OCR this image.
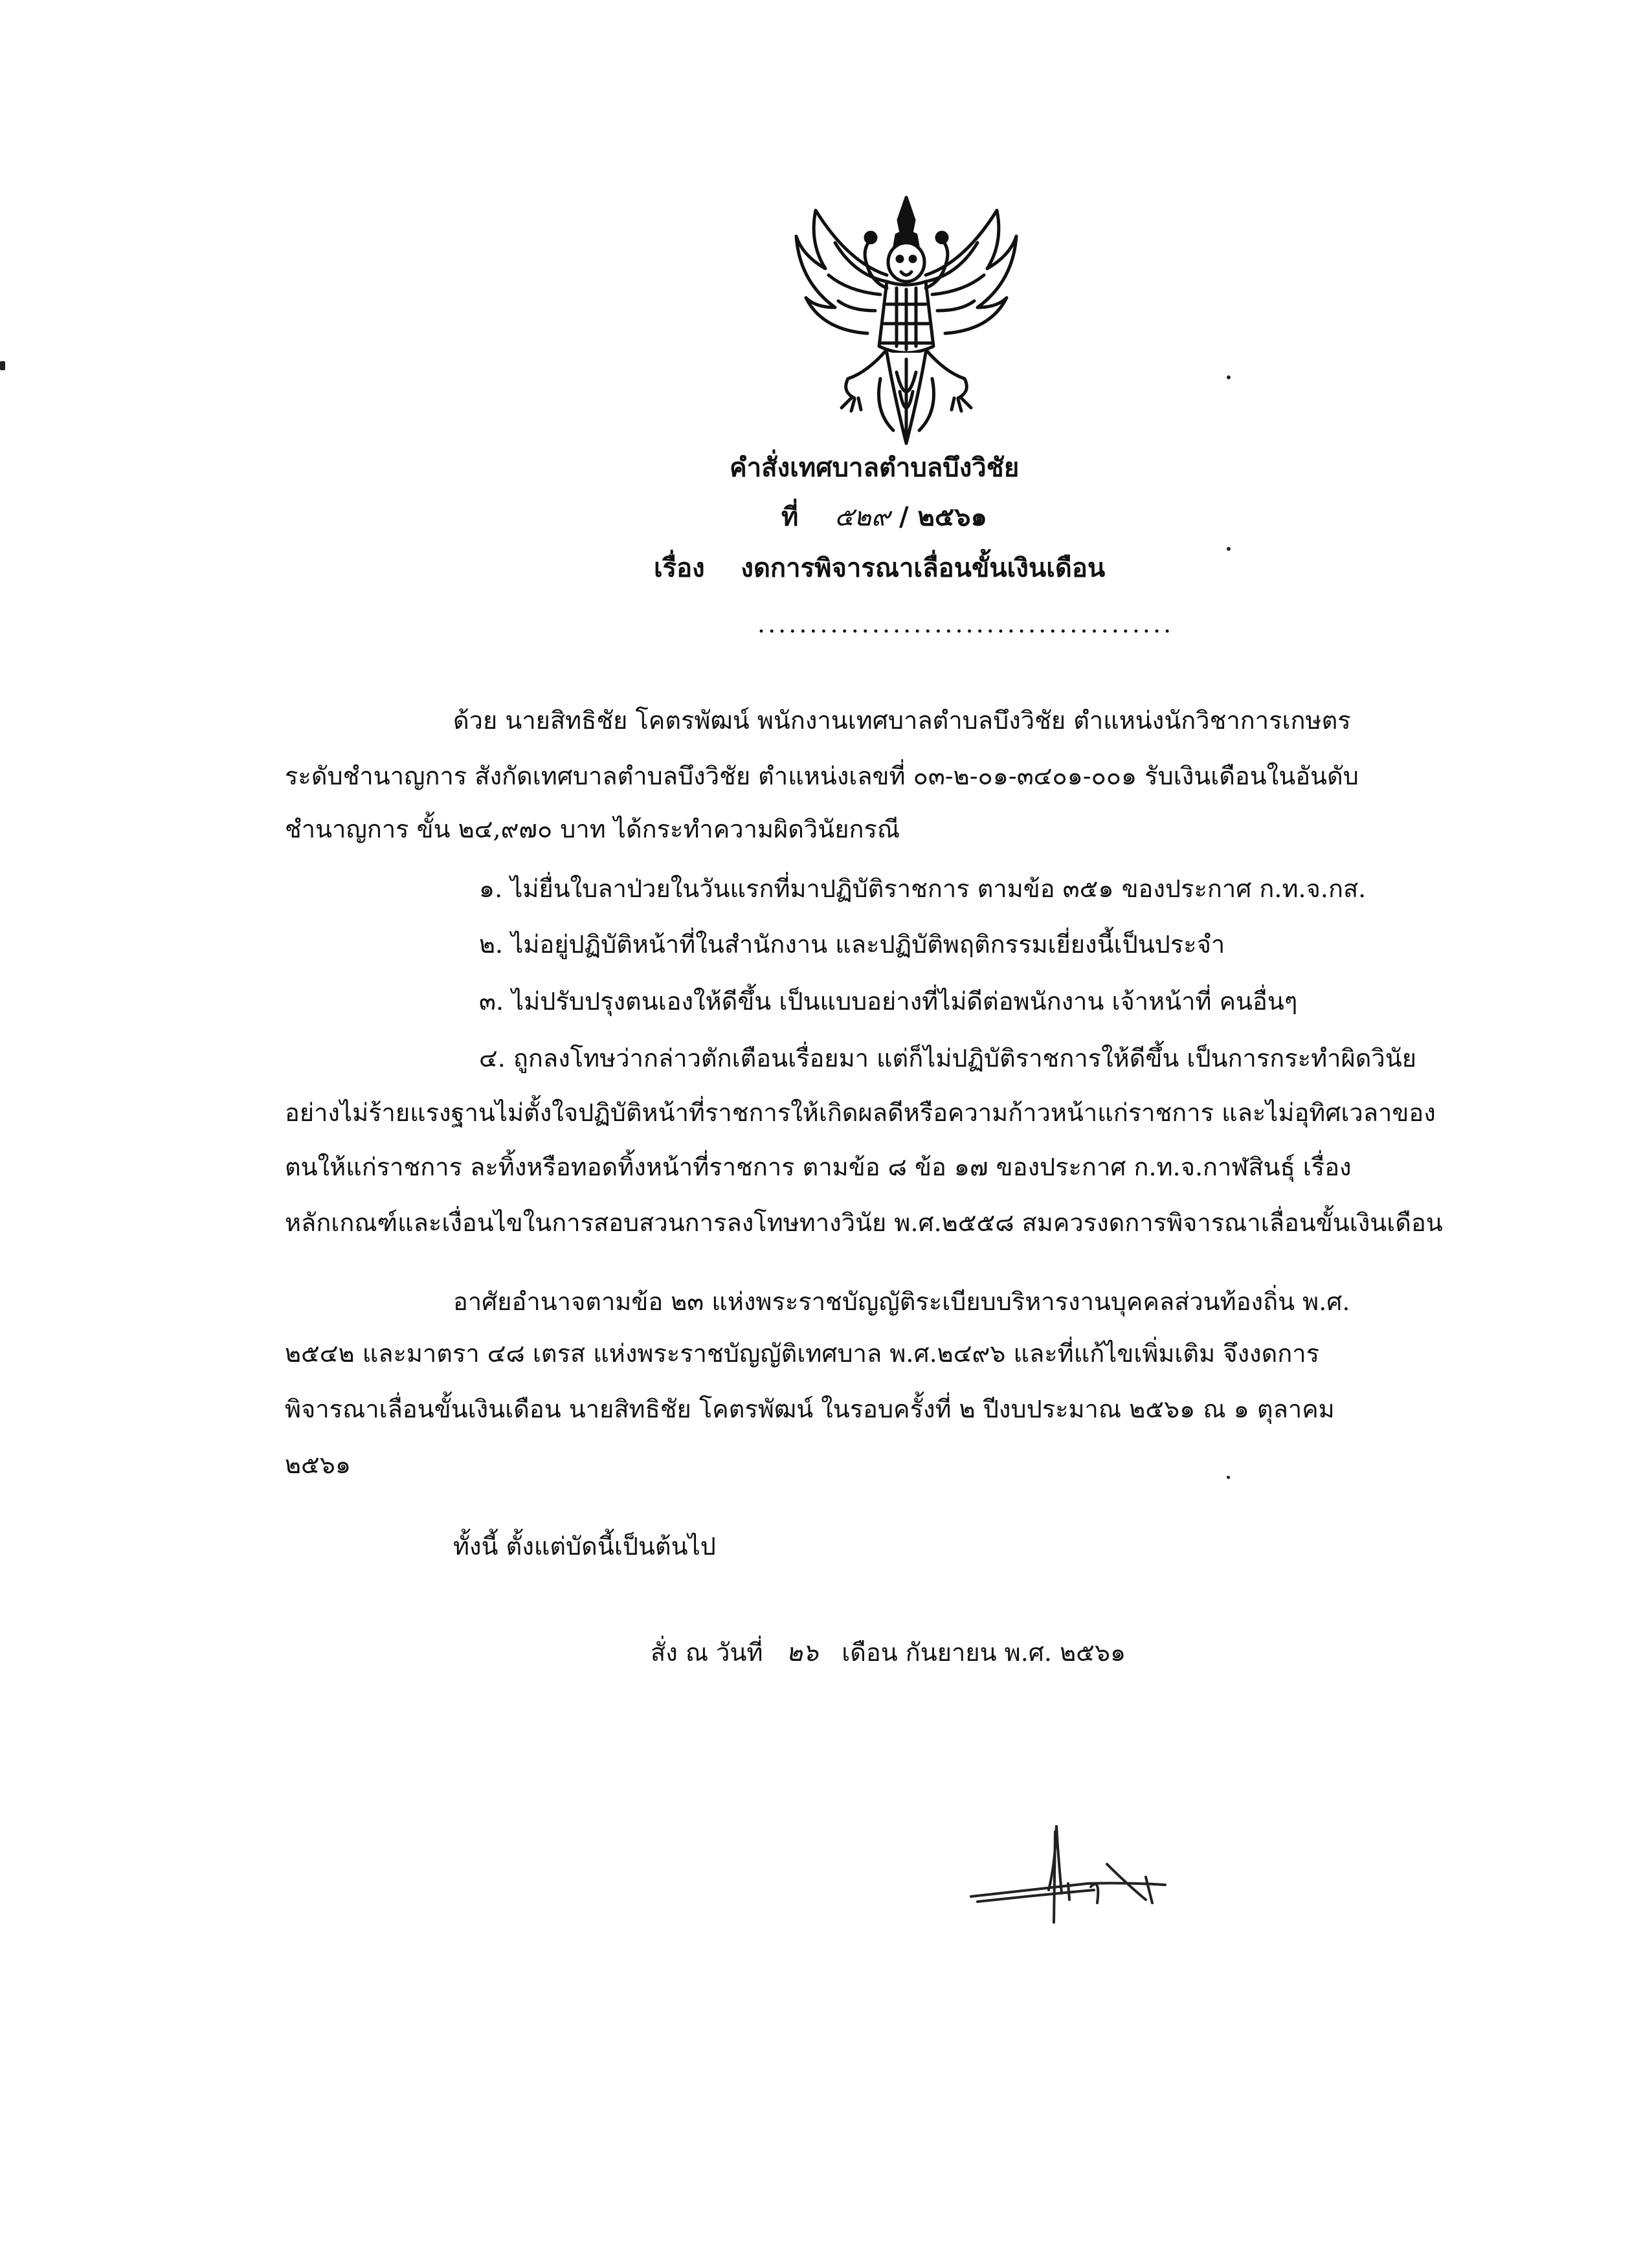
คำสั่งเทศบาลตำบลบึงวิชัย
ที่ ๕๒๙ / ๒๕๖๑
เรื่อง งดการพิจารณาเลื่อนขั้นเงินเดือน
........................................
ด้วย นายสิทธิชัย โคตรพัฒน์ พนักงานเทศบาลตำบลบึงวิชัย ตำแหน่งนักวิชาการเกษตร
ระดับชำนาญการ สังกัดเทศบาลตำบลบึงวิชัย ตำแหน่งเลขที่ ๐๓-๒-๐๑-๓๔๐๑-๐๐๑ รับเงินเดือนในอันดับ
ชำนาญการ ขั้น ๒๔,๙๗๐ บาท ได้กระทำความผิดวินัยกรณี
๑. ไม่ยื่นใบลาป่วยในวันแรกที่มาปฏิบัติราชการ ตามข้อ ๓๕๑ ของประกาศ ก.ท.จ.กส.
๒. ไม่อยู่ปฏิบัติหน้าที่ในสำนักงาน และปฏิบัติพฤติกรรมเยี่ยงนี้เป็นประจำ
๓. ไม่ปรับปรุงตนเองให้ดีขึ้น เป็นแบบอย่างที่ไม่ดีต่อพนักงาน เจ้าหน้าที่ คนอื่นๆ
๔. ถูกลงโทษว่ากล่าวตักเตือนเรื่อยมา แต่ก็ไม่ปฏิบัติราชการให้ดีขึ้น เป็นการกระทำผิดวินัย
อย่างไม่ร้ายแรงฐานไม่ตั้งใจปฏิบัติหน้าที่ราชการให้เกิดผลดีหรือความก้าวหน้าแก่ราชการ และไม่อุทิศเวลาของ
ตนให้แก่ราชการ ละทิ้งหรือทอดทิ้งหน้าที่ราชการ ตามข้อ ๘ ข้อ ๑๗ ของประกาศ ก.ท.จ.กาฬสินธุ์ เรื่อง
หลักเกณฑ์และเงื่อนไขในการสอบสวนการลงโทษทางวินัย พ.ศ.๒๕๕๘ สมควรงดการพิจารณาเลื่อนขั้นเงินเดือน
อาศัยอำนาจตามข้อ ๒๓ แห่งพระราชบัญญัติระเบียบบริหารงานบุคคลส่วนท้องถิ่น พ.ศ.
๒๕๔๒ และมาตรา ๔๘ เตรส แห่งพระราชบัญญัติเทศบาล พ.ศ.๒๔๙๖ และที่แก้ไขเพิ่มเติม จึงงดการ
พิจารณาเลื่อนขั้นเงินเดือน นายสิทธิชัย โคตรพัฒน์ ในรอบครั้งที่ ๒ ปีงบประมาณ ๒๕๖๑ ณ ๑ ตุลาคม
๒๕๖๑
ทั้งนี้ ตั้งแต่บัดนี้เป็นต้นไป
สั่ง ณ วันที่ ๒๖ เดือน กันยายน พ.ศ. ๒๕๖๑
